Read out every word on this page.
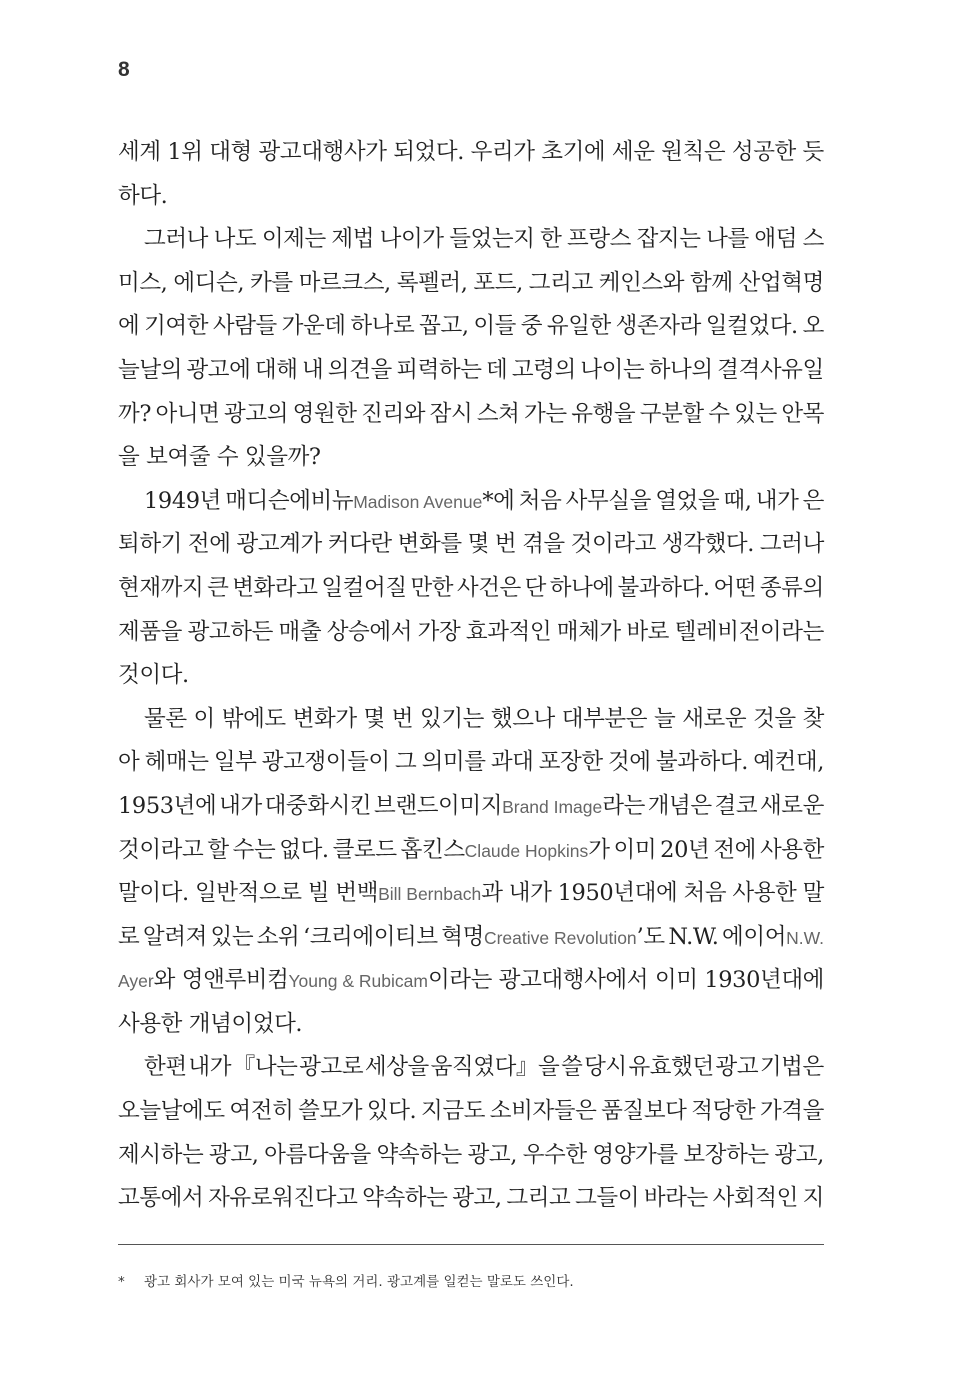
8
세계 1위 대형 광고대행사가 되었다. 우리가 초기에 세운 원칙은 성공한 듯
하다.
그러나 나도 이제는 제법 나이가 들었는지 한 프랑스 잡지는 나를 애덤 스
미스, 에디슨, 카를 마르크스, 록펠러, 포드, 그리고 케인스와 함께 산업혁명
에 기여한 사람들 가운데 하나로 꼽고, 이들 중 유일한 생존자라 일컬었다. 오
늘날의 광고에 대해 내 의견을 피력하는 데 고령의 나이는 하나의 결격사유일
까? 아니면 광고의 영원한 진리와 잠시 스쳐 가는 유행을 구분할 수 있는 안목
을 보여줄 수 있을까?
1949년 매디슨에비뉴Madison Avenue*에 처음 사무실을 열었을 때, 내가 은
퇴하기 전에 광고계가 커다란 변화를 몇 번 겪을 것이라고 생각했다. 그러나
현재까지 큰 변화라고 일컬어질 만한 사건은 단 하나에 불과하다. 어떤 종류의
제품을 광고하든 매출 상승에서 가장 효과적인 매체가 바로 텔레비전이라는
것이다.
물론 이 밖에도 변화가 몇 번 있기는 했으나 대부분은 늘 새로운 것을 찾
아 헤매는 일부 광고쟁이들이 그 의미를 과대 포장한 것에 불과하다. 예컨대,
1953년에 내가 대중화시킨 브랜드이미지Brand Image라는 개념은 결코 새로운
것이라고 할 수는 없다. 클로드 홉킨스Claude Hopkins가 이미 20년 전에 사용한
말이다. 일반적으로 빌 번백Bill Bernbach과 내가 1950년대에 처음 사용한 말
로 알려져 있는 소위 ‘크리에이티브 혁명Creative Revolution’도 N.W. 에이어N.W.
Ayer와 영앤루비컴Young & Rubicam이라는 광고대행사에서 이미 1930년대에
사용한 개념이었다.
한편 내가 『나는 광고로 세상을 움직였다』을 쓸 당시 유효했던 광고 기법은
오늘날에도 여전히 쓸모가 있다. 지금도 소비자들은 품질보다 적당한 가격을
제시하는 광고, 아름다움을 약속하는 광고, 우수한 영양가를 보장하는 광고,
고통에서 자유로워진다고 약속하는 광고, 그리고 그들이 바라는 사회적인 지
* 광고 회사가 모여 있는 미국 뉴욕의 거리. 광고계를 일컫는 말로도 쓰인다.
